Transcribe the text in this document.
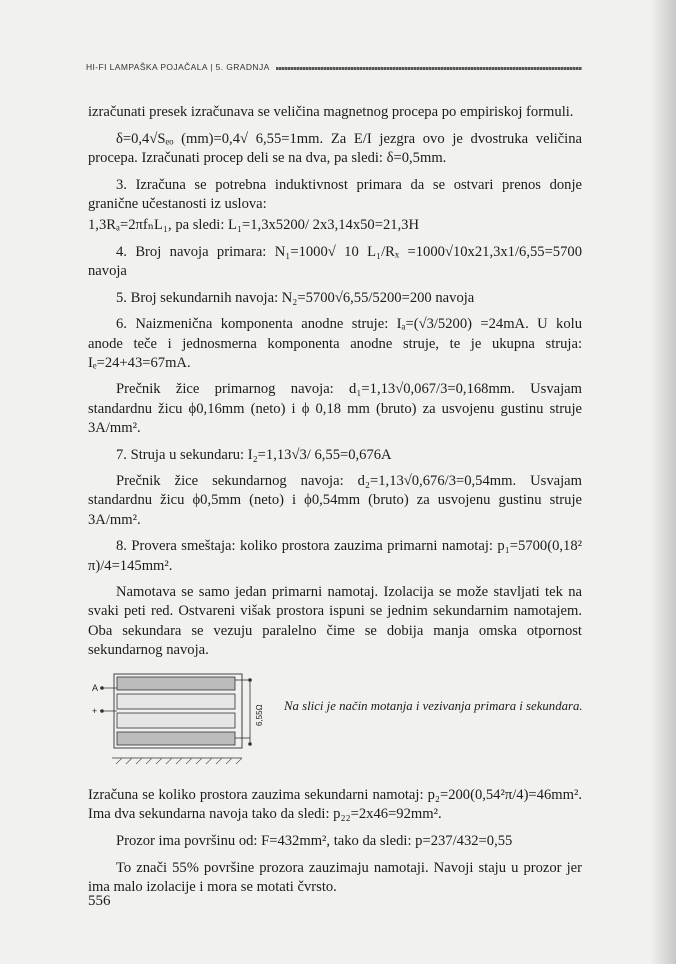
HI-FI LAMPAŠKA POJAČALA | 5. GRADNJA

izračunati presek izračunava se veličina magnetnog procepa po empiriskoj formuli.

δ=0,4√Sₑₒ (mm)=0,4√ 6,55=1mm. Za E/I jezgra ovo je dvostruka veličina procepa. Izračunati procep deli se na dva, pa sledi: δ=0,5mm.

3. Izračuna se potrebna induktivnost primara da se ostvari prenos donje granične učestanosti iz uslova:

1,3Rₐ=2πfₙL₁, pa sledi: L₁=1,3x5200/ 2x3,14x50=21,3H

4. Broj navoja primara: N₁=1000√ 10 L₁/Rₓ =1000√10x21,3x1/6,55=5700 navoja

5. Broj sekundarnih navoja: N₂=5700√6,55/5200=200 navoja

6. Naizmenična komponenta anodne struje: Iₐ=(√3/5200) =24mA. U kolu anode teče i jednosmerna komponenta anodne struje, te je ukupna struja: Iₑ=24+43=67mA.

Prečnik žice primarnog navoja: d₁=1,13√0,067/3=0,168mm. Usvajam standardnu žicu ϕ0,16mm (neto) i ϕ 0,18 mm (bruto) za usvojenu gustinu struje 3A/mm².

7. Struja u sekundaru: I₂=1,13√3/ 6,55=0,676A

Prečnik žice sekundarnog navoja: d₂=1,13√0,676/3=0,54mm. Usvajam standardnu žicu ϕ0,5mm (neto) i ϕ0,54mm (bruto) za usvojenu gustinu struje 3A/mm².

8. Provera smeštaja: koliko prostora zauzima primarni namotaj: p₁=5700(0,18² π)/4=145mm².

Namotava se samo jedan primarni namotaj. Izolacija se može stavljati tek na svaki peti red. Ostvareni višak prostora ispuni se jednim sekundarnim namotajem. Oba sekundara se vezuju paralelno čime se dobija manja omska otpornost sekundarnog navoja.

A
+	6,55Ω Na slici je način motanja i vezivanja primara i sekundara.

Izračuna se koliko prostora zauzima sekundarni namotaj: p₂=200(0,54²π/4)=46mm². Ima dva sekundarna navoja tako da sledi: p₂₂=2x46=92mm².

Prozor ima površinu od: F=432mm², tako da sledi: p=237/432=0,55

To znači 55% površine prozora zauzimaju namotaji. Navoji staju u prozor jer ima malo izolacije i mora se motati čvrsto.

556
